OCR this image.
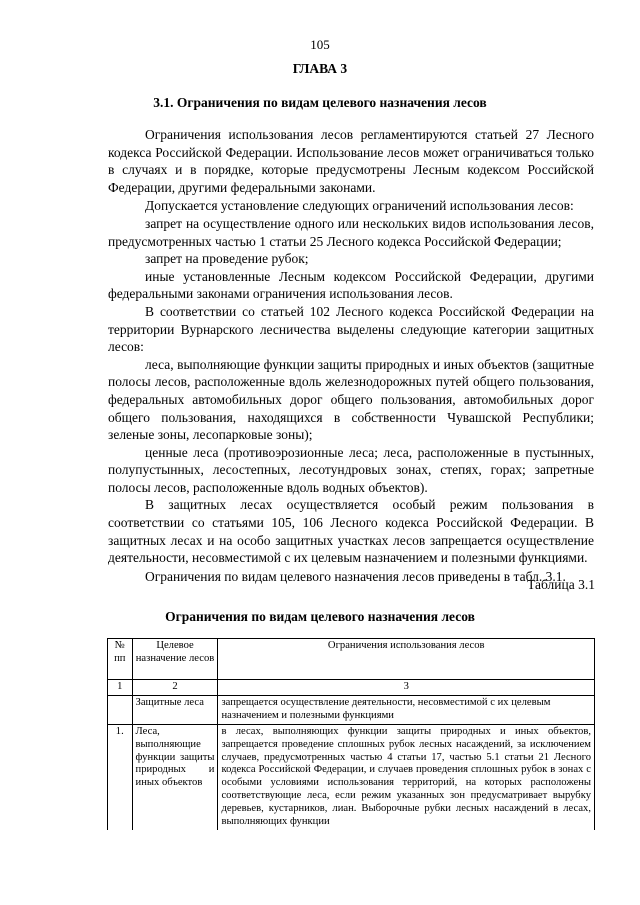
105
ГЛАВА 3
3.1. Ограничения по видам целевого назначения лесов

Ограничения использования лесов регламентируются статьей 27 Лесного кодекса Российской Федерации. Использование лесов может ограничиваться только в случаях и в порядке, которые предусмотрены Лесным кодексом Российской Федерации, другими федеральными законами.

Допускается установление следующих ограничений использования лесов:

запрет на осуществление одного или нескольких видов использования лесов, предусмотренных частью 1 статьи 25 Лесного кодекса Российской Федерации;

запрет на проведение рубок;

иные установленные Лесным кодексом Российской Федерации, другими федеральными законами ограничения использования лесов.

В соответствии со статьей 102 Лесного кодекса Российской Федерации на территории Вурнарского лесничества выделены следующие категории защитных лесов:

леса, выполняющие функции защиты природных и иных объектов (защитные полосы лесов, расположенные вдоль железнодорожных путей общего пользования, федеральных автомобильных дорог общего пользования, автомобильных дорог общего пользования, находящихся в собственности Чувашской Республики; зеленые зоны, лесопарковые зоны);

ценные леса (противоэрозионные леса; леса, расположенные в пустынных, полупустынных, лесостепных, лесотундровых зонах, степях, горах; запретные полосы лесов, расположенные вдоль водных объектов).

В защитных лесах осуществляется особый режим пользования в соответствии со статьями 105, 106 Лесного кодекса Российской Федерации. В защитных лесах и на особо защитных участках лесов запрещается осуществление деятельности, несовместимой с их целевым назначением и полезными функциями.

Ограничения по видам целевого назначения лесов приведены в табл. 3.1.

Таблица 3.1
Ограничения по видам целевого назначения лесов
№ пп	Целевое назначение лесов	Ограничения использования лесов
1	2	3
	Защитные леса	запрещается осуществление деятельности, несовместимой с их целевым назначением и полезными функциями
1.	Леса, выполняющие функции защиты природных и иных объектов	в лесах, выполняющих функции защиты природных и иных объектов, запрещается проведение сплошных рубок лесных насаждений, за исключением случаев, предусмотренных частью 4 статьи 17, частью 5.1 статьи 21 Лесного кодекса Российской Федерации, и случаев проведения сплошных рубок в зонах с особыми условиями использования территорий, на которых расположены соответствующие леса, если режим указанных зон предусматривает вырубку деревьев, кустарников, лиан. Выборочные рубки лесных насаждений в лесах, выполняющих функции
